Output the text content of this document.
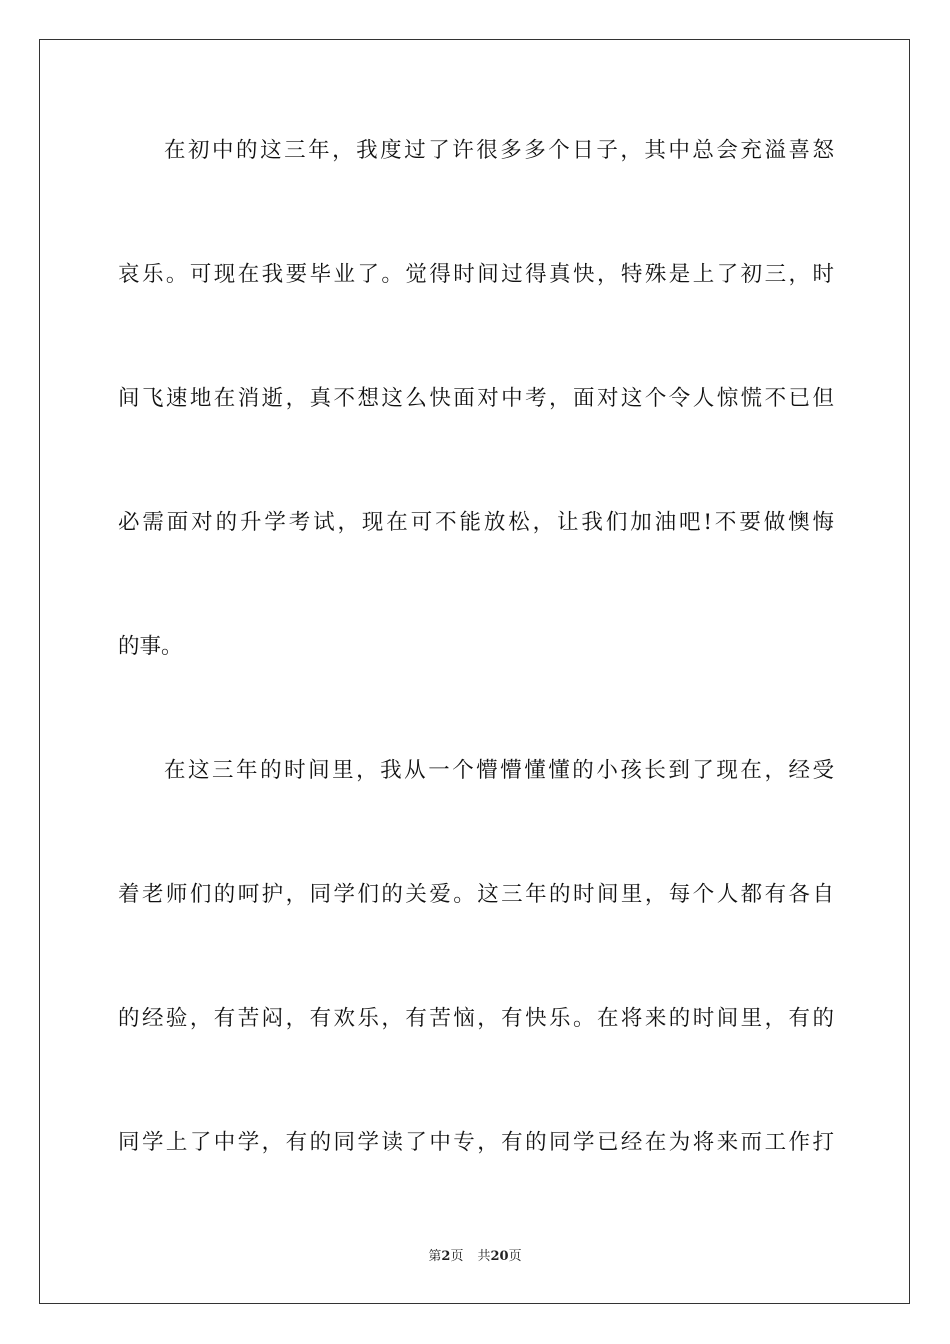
在初中的这三年，我度过了许很多多个日子，其中总会充溢喜怒
哀乐。可现在我要毕业了。觉得时间过得真快，特殊是上了初三，时
间飞速地在消逝，真不想这么快面对中考，面对这个令人惊慌不已但
必需面对的升学考试，现在可不能放松，让我们加油吧!不要做懊悔
的事。
在这三年的时间里，我从一个懵懵懂懂的小孩长到了现在，经受
着老师们的呵护，同学们的关爱。这三年的时间里，每个人都有各自
的经验，有苦闷，有欢乐，有苦恼，有快乐。在将来的时间里，有的
同学上了中学，有的同学读了中专，有的同学已经在为将来而工作打
第2页 共20页
